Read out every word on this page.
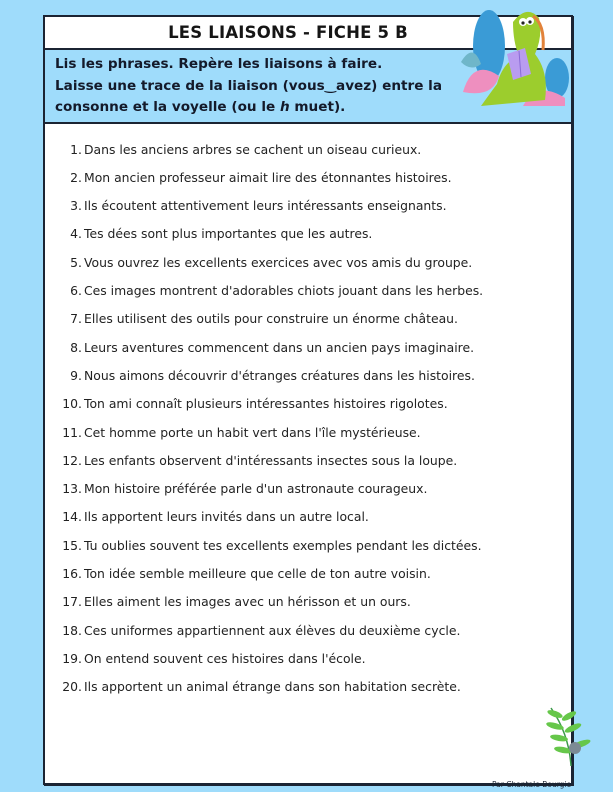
LES LIAISONS - FICHE 5 B
Lis les phrases. Repère les liaisons à faire.
Laisse une trace de la liaison (vous‿avez) entre la
consonne et la voyelle (ou le h muet).
1. Dans les anciens arbres se cachent un oiseau curieux.
2. Mon ancien professeur aimait lire des étonnantes histoires.
3. Ils écoutent attentivement leurs intéressants enseignants.
4. Tes dées sont plus importantes que les autres.
5. Vous ouvrez les excellents exercices avec vos amis du groupe.
6. Ces images montrent d'adorables chiots jouant dans les herbes.
7. Elles utilisent des outils pour construire un énorme château.
8. Leurs aventures commencent dans un ancien pays imaginaire.
9. Nous aimons découvrir d'étranges créatures dans les histoires.
10. Ton ami connaît plusieurs intéressantes histoires rigolotes.
11. Cet homme porte un habit vert dans l'île mystérieuse.
12. Les enfants observent d'intéressants insectes sous la loupe.
13. Mon histoire préférée parle d'un astronaute courageux.
14. Ils apportent leurs invités dans un autre local.
15. Tu oublies souvent tes excellents exemples pendant les dictées.
16. Ton idée semble meilleure que celle de ton autre voisin.
17. Elles aiment les images avec un hérisson et un ours.
18. Ces uniformes appartiennent aux élèves du deuxième cycle.
19. On entend souvent ces histoires dans l'école.
20. Ils apportent un animal étrange dans son habitation secrète.
Par Chantale Bourgie
